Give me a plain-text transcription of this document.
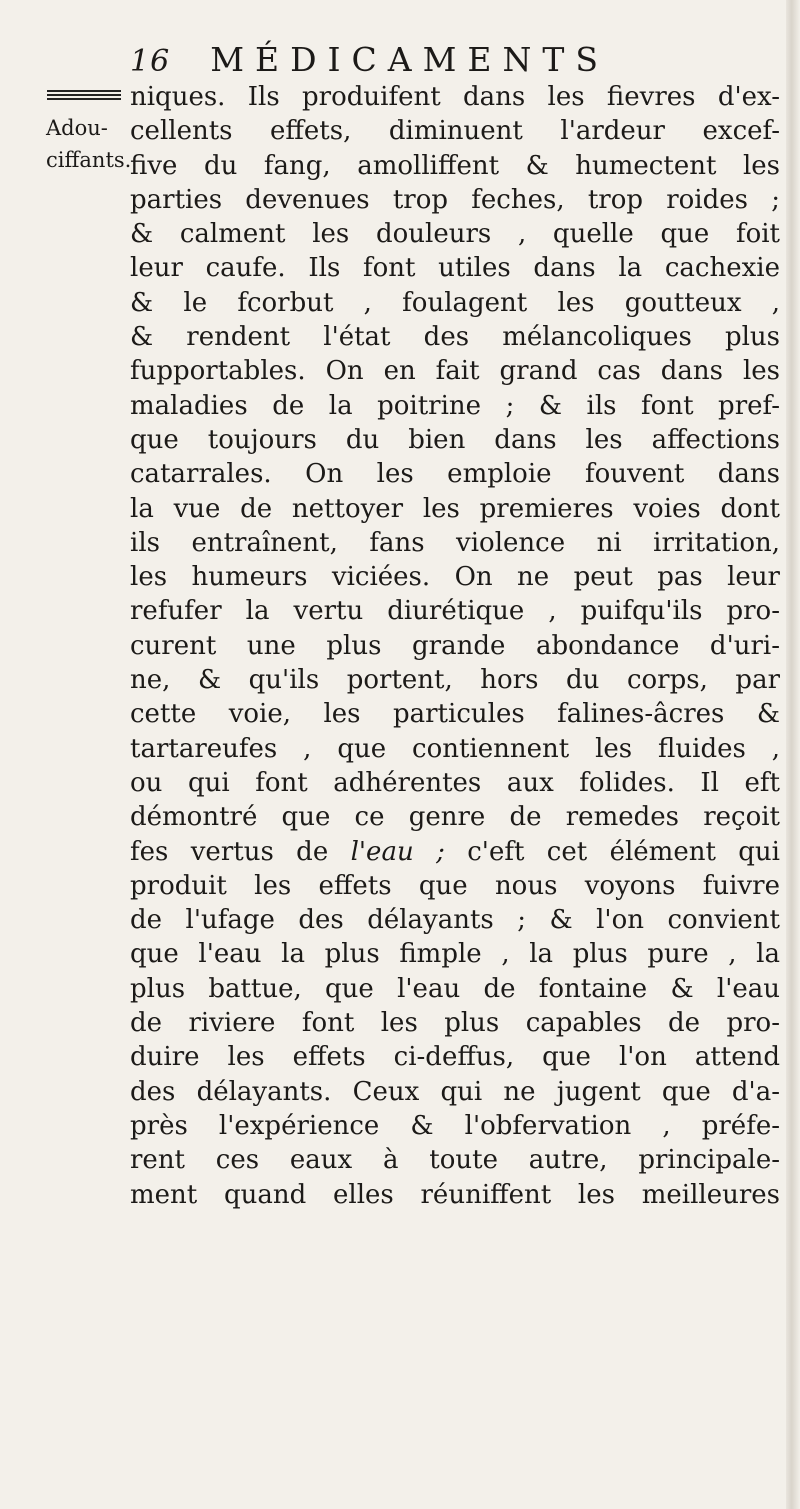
16 MÉDICAMENTS
Adou-
ciffants.
niques. Ils produifent dans les fievres d'ex-
cellents effets, diminuent l'ardeur excef-
five du fang, amolliffent & humectent les
parties devenues trop feches, trop roides ;
& calment les douleurs , quelle que foit
leur caufe. Ils font utiles dans la cachexie
& le fcorbut , foulagent les goutteux ,
& rendent l'état des mélancoliques plus
fupportables. On en fait grand cas dans les
maladies de la poitrine ; & ils font pref-
que toujours du bien dans les affections
catarrales. On les emploie fouvent dans
la vue de nettoyer les premieres voies dont
ils entraînent, fans violence ni irritation,
les humeurs viciées. On ne peut pas leur
refufer la vertu diurétique , puifqu'ils pro-
curent une plus grande abondance d'uri-
ne, & qu'ils portent, hors du corps, par
cette voie, les particules falines-âcres &
tartareufes , que contiennent les fluides ,
ou qui font adhérentes aux folides. Il eft
démontré que ce genre de remedes reçoit
fes vertus de l'eau ; c'eft cet élément qui
produit les effets que nous voyons fuivre
de l'ufage des délayants ; & l'on convient
que l'eau la plus fimple , la plus pure , la
plus battue, que l'eau de fontaine & l'eau
de riviere font les plus capables de pro-
duire les effets ci-deffus, que l'on attend
des délayants. Ceux qui ne jugent que d'a-
près l'expérience & l'obfervation , préfe-
rent ces eaux à toute autre, principale-
ment quand elles réuniffent les meilleures
